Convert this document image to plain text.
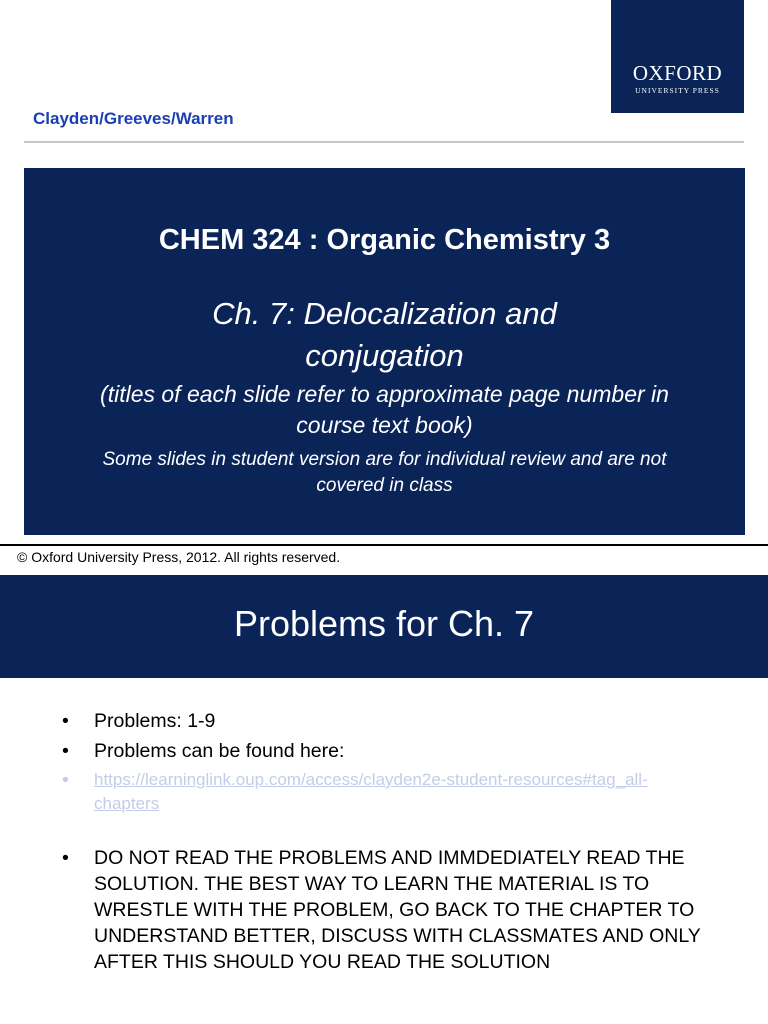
OXFORD
UNIVERSITY PRESS
Clayden/Greeves/Warren
CHEM 324 : Organic Chemistry 3
Ch. 7: Delocalization and conjugation
(titles of each slide refer to approximate page number in course text book)
Some slides in student version are for individual review and are not covered in class
© Oxford University Press, 2012. All rights reserved.
Problems for Ch. 7
• Problems: 1-9
• Problems can be found here:
• https://learninglink.oup.com/access/clayden2e-student-resources#tag_all-chapters
• DO NOT READ THE PROBLEMS AND IMMDEDIATELY READ THE SOLUTION. THE BEST WAY TO LEARN THE MATERIAL IS TO WRESTLE WITH THE PROBLEM, GO BACK TO THE CHAPTER TO UNDERSTAND BETTER, DISCUSS WITH CLASSMATES AND ONLY AFTER THIS SHOULD YOU READ THE SOLUTION
